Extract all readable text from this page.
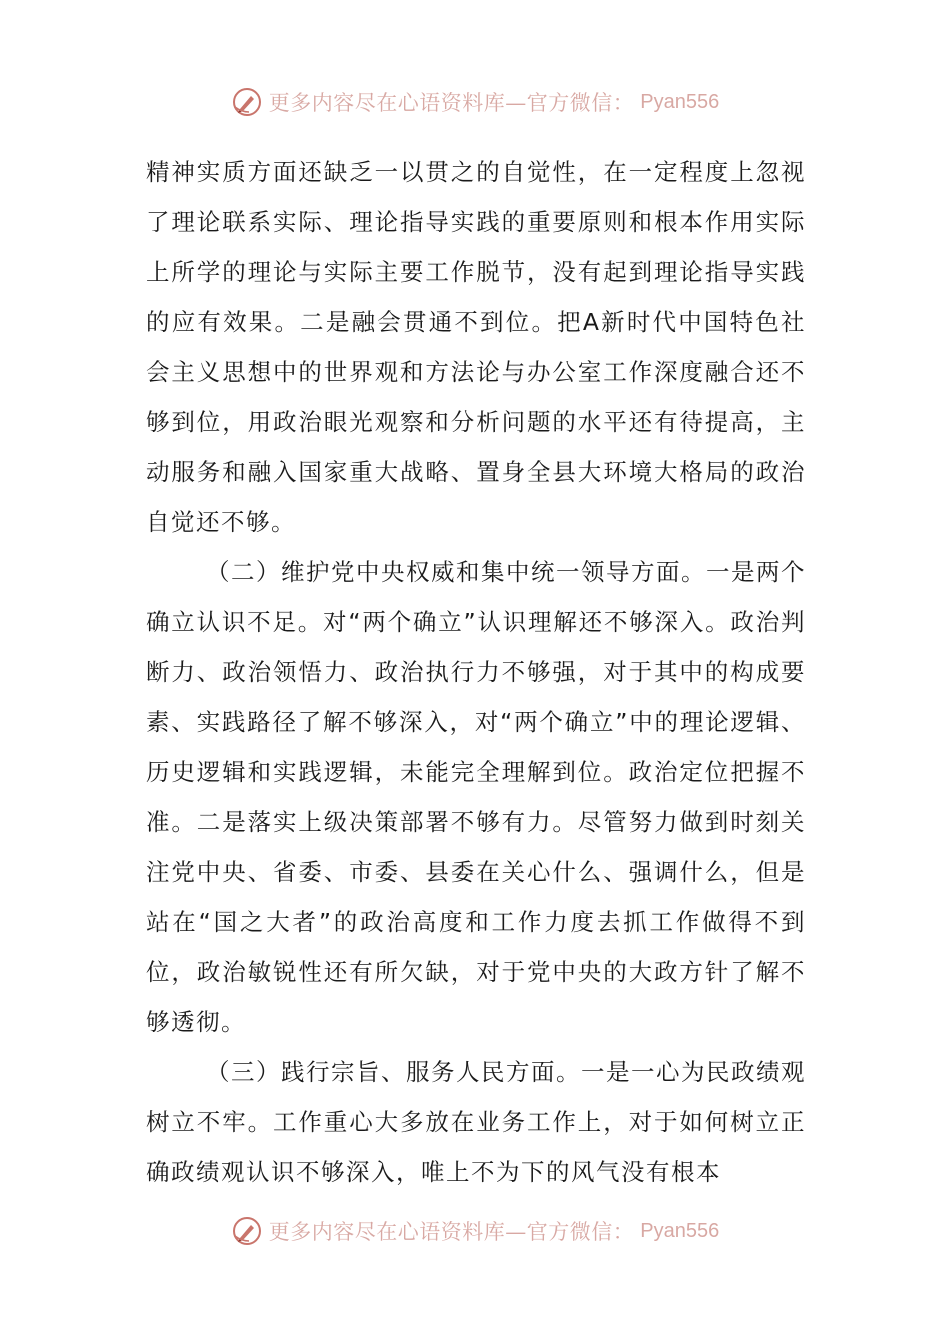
更多内容尽在心语资料库—官方微信： Pyan556

精神实质方面还缺乏一以贯之的自觉性，在一定程度上忽视了理论联系实际、理论指导实践的重要原则和根本作用实际上所学的理论与实际主要工作脱节，没有起到理论指导实践的应有效果。二是融会贯通不到位。把A新时代中国特色社会主义思想中的世界观和方法论与办公室工作深度融合还不够到位，用政治眼光观察和分析问题的水平还有待提高，主动服务和融入国家重大战略、置身全县大环境大格局的政治自觉还不够。

（二）维护党中央权威和集中统一领导方面。一是两个确立认识不足。对“两个确立”认识理解还不够深入。政治判断力、政治领悟力、政治执行力不够强，对于其中的构成要素、实践路径了解不够深入，对“两个确立”中的理论逻辑、历史逻辑和实践逻辑，未能完全理解到位。政治定位把握不准。二是落实上级决策部署不够有力。尽管努力做到时刻关注党中央、省委、市委、县委在关心什么、强调什么，但是站在“国之大者”的政治高度和工作力度去抓工作做得不到位，政治敏锐性还有所欠缺，对于党中央的大政方针了解不够透彻。

（三）践行宗旨、服务人民方面。一是一心为民政绩观树立不牢。工作重心大多放在业务工作上，对于如何树立正确政绩观认识不够深入，唯上不为下的风气没有根本

更多内容尽在心语资料库—官方微信： Pyan556
